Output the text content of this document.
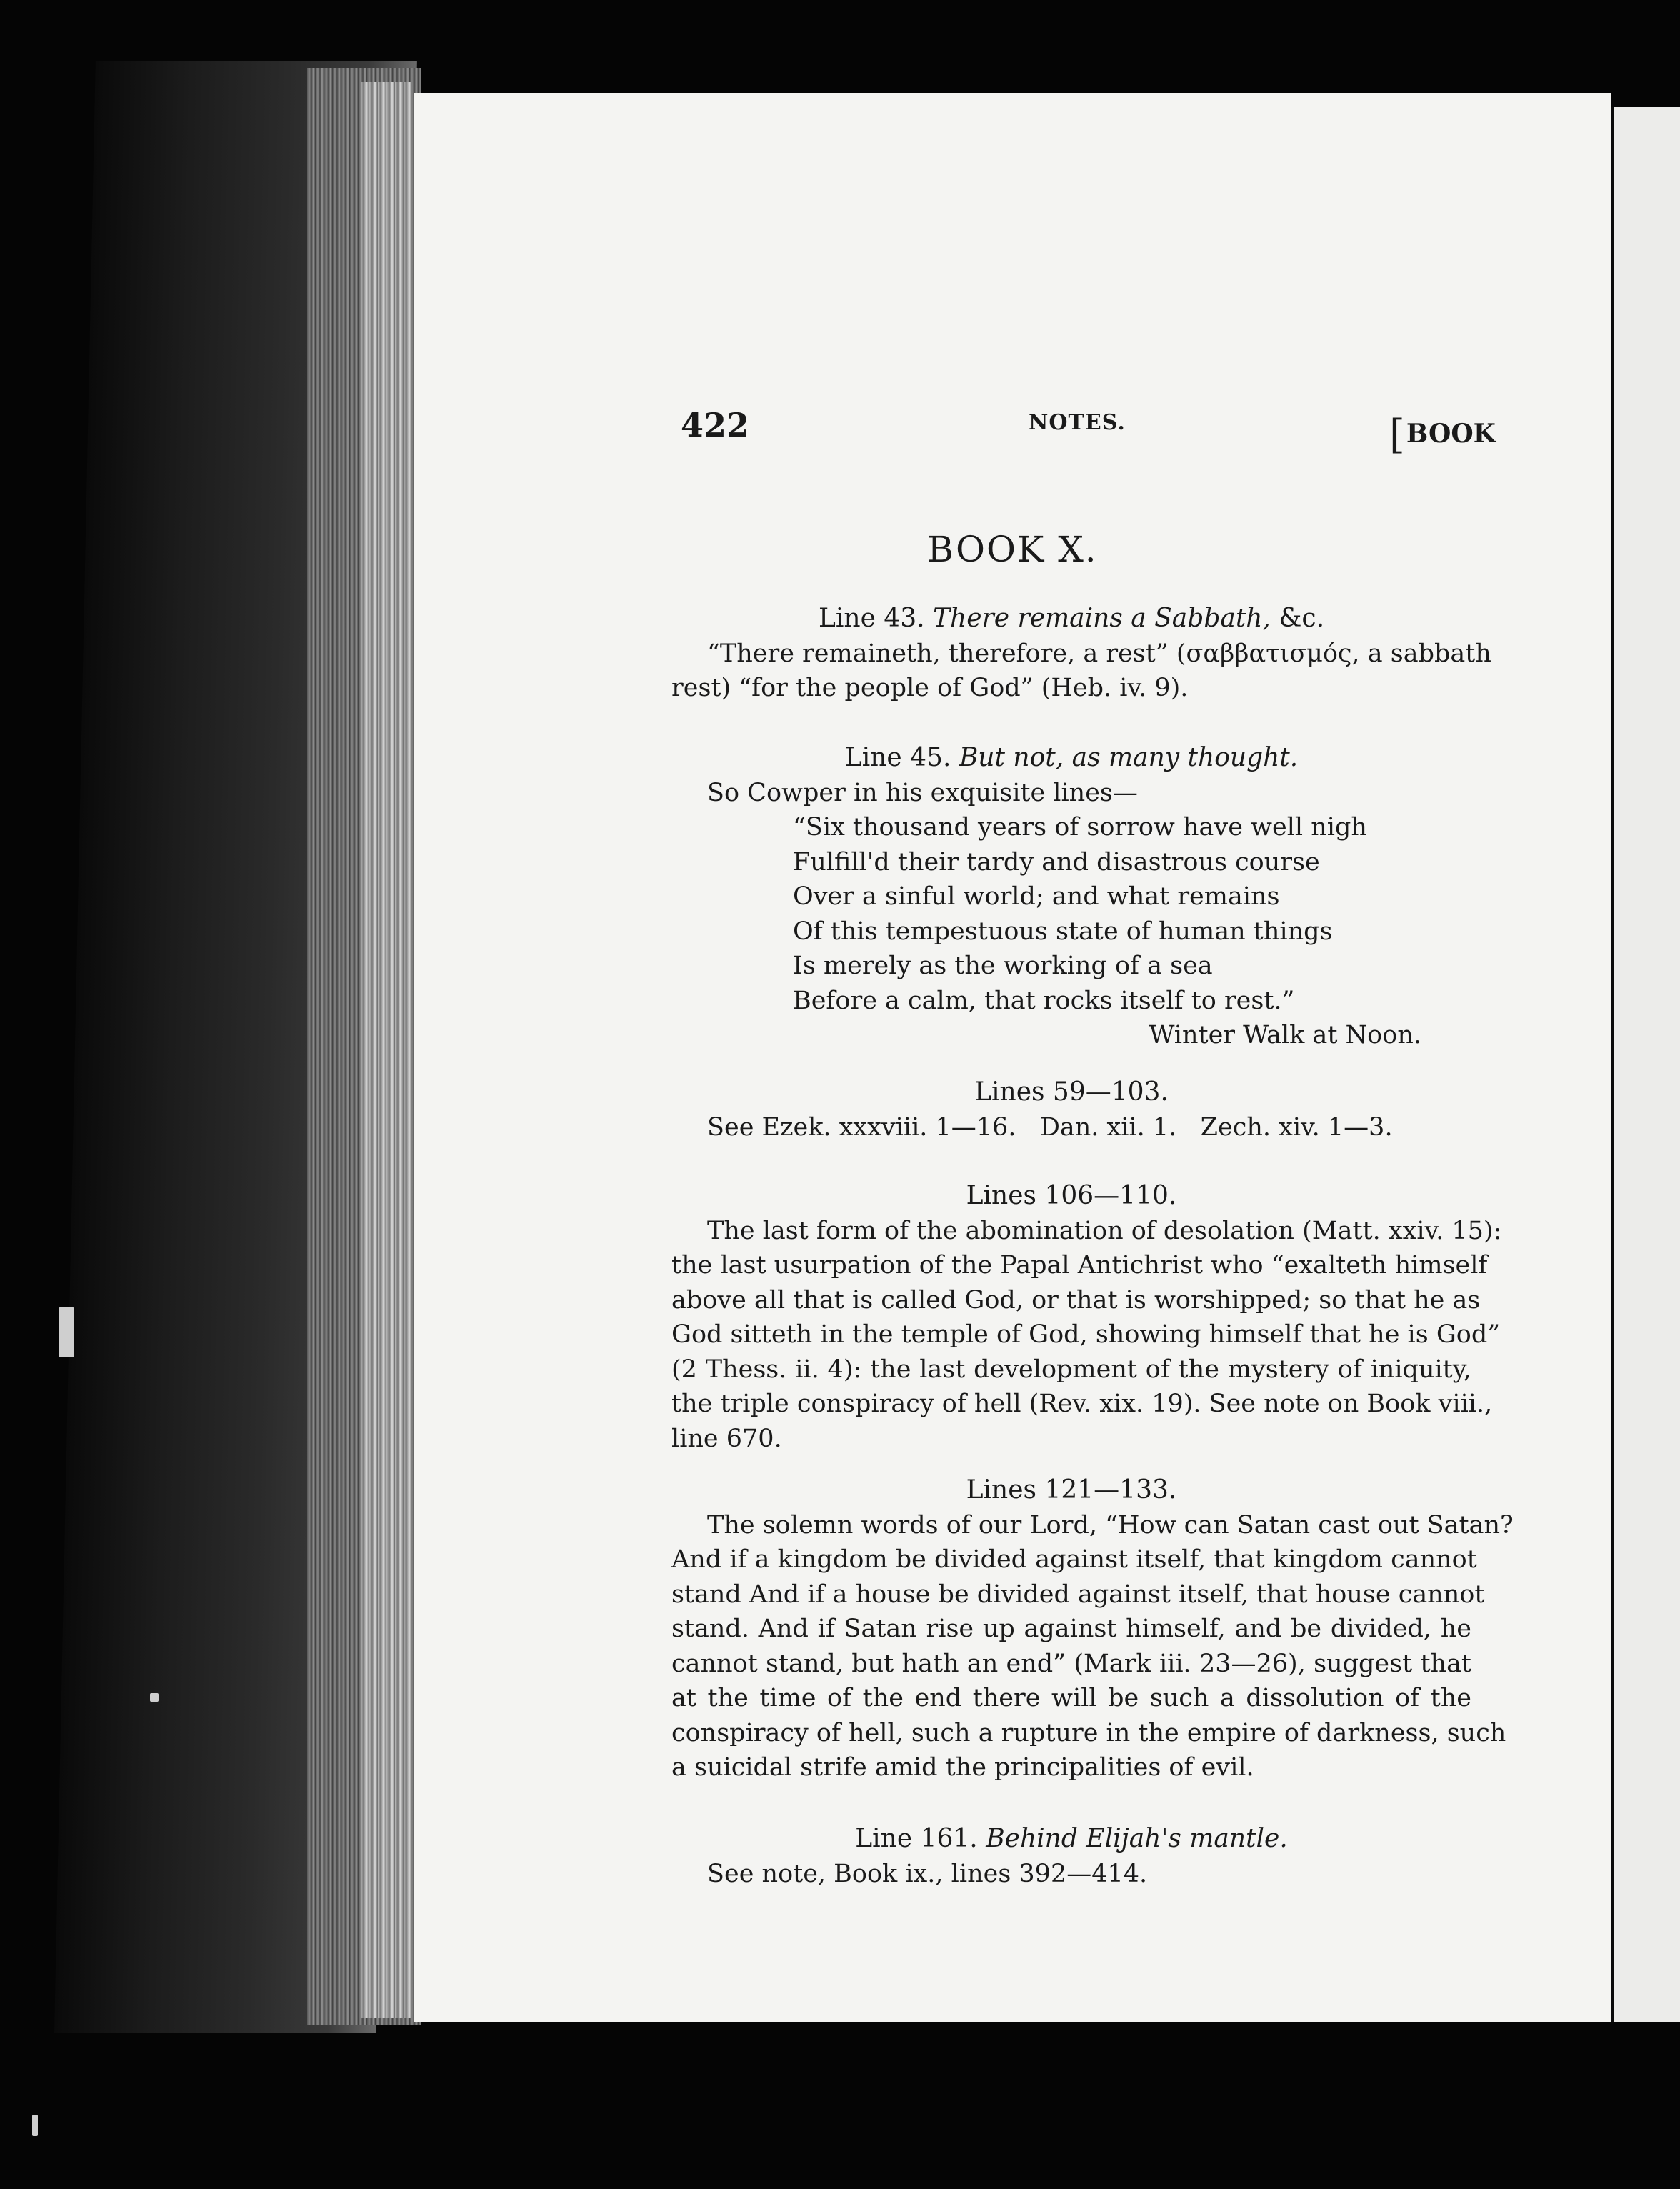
422	NOTES.	[BOOK
BOOK X.
Line 43. There remains a Sabbath, &c.
“There remaineth, therefore, a rest” (σαββατισμός, a sabbath
rest) “for the people of God” (Heb. iv. 9).
Line 45. But not, as many thought.
So Cowper in his exquisite lines—
“Six thousand years of sorrow have well nigh
Fulfill'd their tardy and disastrous course
Over a sinful world; and what remains
Of this tempestuous state of human things
Is merely as the working of a sea
Before a calm, that rocks itself to rest.”
Winter Walk at Noon.
Lines 59—103.
See Ezek. xxxviii. 1—16.   Dan. xii. 1.   Zech. xiv. 1—3.
Lines 106—110.
The last form of the abomination of desolation (Matt. xxiv. 15):
the last usurpation of the Papal Antichrist who “exalteth himself
above all that is called God, or that is worshipped; so that he as
God sitteth in the temple of God, showing himself that he is God”
(2 Thess. ii. 4): the last development of the mystery of iniquity,
the triple conspiracy of hell (Rev. xix. 19). See note on Book viii.,
line 670.
Lines 121—133.
The solemn words of our Lord, “How can Satan cast out Satan?
And if a kingdom be divided against itself, that kingdom cannot
stand And if a house be divided against itself, that house cannot
stand. And if Satan rise up against himself, and be divided, he
cannot stand, but hath an end” (Mark iii. 23—26), suggest that
at the time of the end there will be such a dissolution of the
conspiracy of hell, such a rupture in the empire of darkness, such
a suicidal strife amid the principalities of evil.
Line 161. Behind Elijah's mantle.
See note, Book ix., lines 392—414.
